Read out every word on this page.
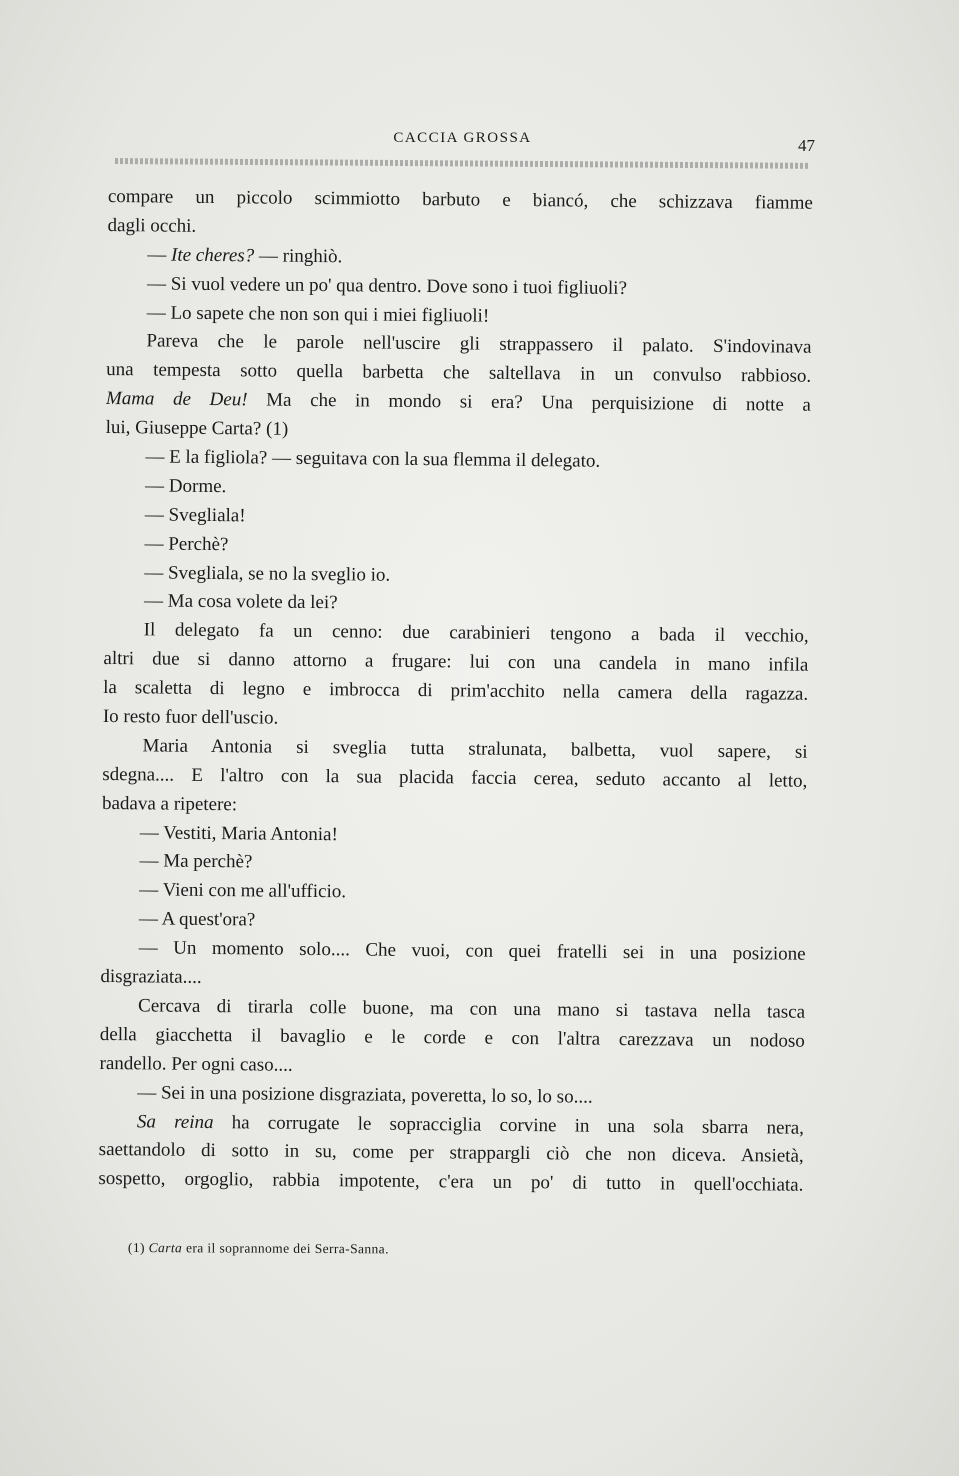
CACCIA GROSSA	47
compare un piccolo scimmiotto barbuto e biancó, che schizzava fiamme
dagli occhi.
— Ite cheres? — ringhiò.
— Si vuol vedere un po' qua dentro. Dove sono i tuoi figliuoli?
— Lo sapete che non son qui i miei figliuoli!
Pareva che le parole nell'uscire gli strappassero il palato. S'indovinava
una tempesta sotto quella barbetta che saltellava in un convulso rabbioso.
Mama de Deu! Ma che in mondo si era? Una perquisizione di notte a
lui, Giuseppe Carta? (1)
— E la figliola? — seguitava con la sua flemma il delegato.
— Dorme.
— Svegliala!
— Perchè?
— Svegliala, se no la sveglio io.
— Ma cosa volete da lei?
Il delegato fa un cenno: due carabinieri tengono a bada il vecchio,
altri due si danno attorno a frugare: lui con una candela in mano infila
la scaletta di legno e imbrocca di prim'acchito nella camera della ragazza.
Io resto fuor dell'uscio.
Maria Antonia si sveglia tutta stralunata, balbetta, vuol sapere, si
sdegna.... E l'altro con la sua placida faccia cerea, seduto accanto al letto,
badava a ripetere:
— Vestiti, Maria Antonia!
— Ma perchè?
— Vieni con me all'ufficio.
— A quest'ora?
— Un momento solo.... Che vuoi, con quei fratelli sei in una posizione
disgraziata....
Cercava di tirarla colle buone, ma con una mano si tastava nella tasca
della giacchetta il bavaglio e le corde e con l'altra carezzava un nodoso
randello. Per ogni caso....
— Sei in una posizione disgraziata, poveretta, lo so, lo so....
Sa reina ha corrugate le sopracciglia corvine in una sola sbarra nera,
saettandolo di sotto in su, come per strappargli ciò che non diceva. Ansietà,
sospetto, orgoglio, rabbia impotente, c'era un po' di tutto in quell'occhiata.
(1) Carta era il soprannome dei Serra-Sanna.
